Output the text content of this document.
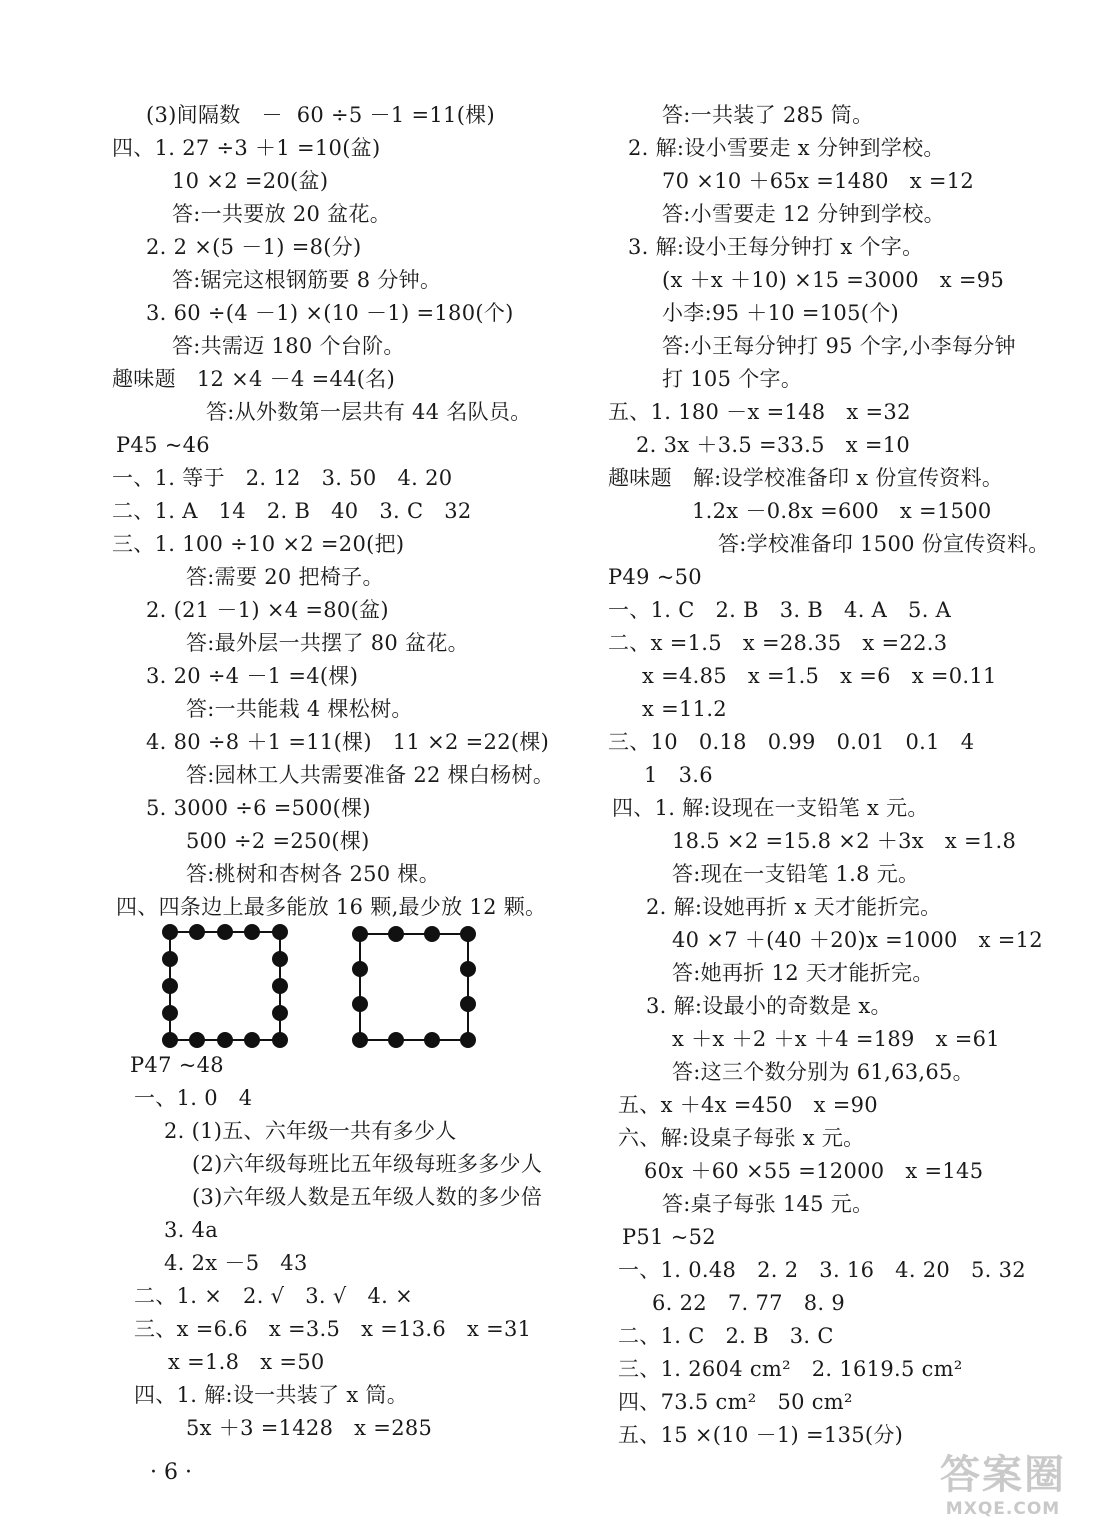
(3)间隔数   －  60 ÷5 －1 =11(棵)
四、1. 27 ÷3 ＋1 =10(盆)
10 ×2 =20(盆)
答:一共要放 20 盆花。
2. 2 ×(5 －1) =8(分)
答:锯完这根钢筋要 8 分钟。
3. 60 ÷(4 －1) ×(10 －1) =180(个)
答:共需迈 180 个台阶。
趣味题   12 ×4 －4 =44(名)
答:从外数第一层共有 44 名队员。
P45 ~46
一、1. 等于   2. 12   3. 50   4. 20
二、1. A   14   2. B   40   3. C   32
三、1. 100 ÷10 ×2 =20(把)
答:需要 20 把椅子。
2. (21 －1) ×4 =80(盆)
答:最外层一共摆了 80 盆花。
3. 20 ÷4 －1 =4(棵)
答:一共能栽 4 棵松树。
4. 80 ÷8 ＋1 =11(棵)   11 ×2 =22(棵)
答:园林工人共需要准备 22 棵白杨树。
5. 3000 ÷6 =500(棵)
500 ÷2 =250(棵)
答:桃树和杏树各 250 棵。
四、四条边上最多能放 16 颗,最少放 12 颗。
P47 ~48
一、1. 0   4
2. (1)五、六年级一共有多少人
(2)六年级每班比五年级每班多多少人
(3)六年级人数是五年级人数的多少倍
3. 4a
4. 2x －5   43
二、1. ×   2. √   3. √   4. ×
三、x =6.6   x =3.5   x =13.6   x =31
x =1.8   x =50
四、1. 解:设一共装了 x 筒。
5x ＋3 =1428   x =285
答:一共装了 285 筒。
2. 解:设小雪要走 x 分钟到学校。
70 ×10 ＋65x =1480   x =12
答:小雪要走 12 分钟到学校。
3. 解:设小王每分钟打 x 个字。
(x ＋x ＋10) ×15 =3000   x =95
小李:95 ＋10 =105(个)
答:小王每分钟打 95 个字,小李每分钟
打 105 个字。
五、1. 180 －x =148   x =32
2. 3x ＋3.5 =33.5   x =10
趣味题   解:设学校准备印 x 份宣传资料。
1.2x －0.8x =600   x =1500
答:学校准备印 1500 份宣传资料。
P49 ~50
一、1. C   2. B   3. B   4. A   5. A
二、x =1.5   x =28.35   x =22.3
x =4.85   x =1.5   x =6   x =0.11
x =11.2
三、10   0.18   0.99   0.01   0.1   4
1   3.6
四、1. 解:设现在一支铅笔 x 元。
18.5 ×2 =15.8 ×2 ＋3x   x =1.8
答:现在一支铅笔 1.8 元。
2. 解:设她再折 x 天才能折完。
40 ×7 ＋(40 ＋20)x =1000   x =12
答:她再折 12 天才能折完。
3. 解:设最小的奇数是 x。
x ＋x ＋2 ＋x ＋4 =189   x =61
答:这三个数分别为 61,63,65。
五、x ＋4x =450   x =90
六、解:设桌子每张 x 元。
60x ＋60 ×55 =12000   x =145
答:桌子每张 145 元。
P51 ~52
一、1. 0.48   2. 2   3. 16   4. 20   5. 32
6. 22   7. 77   8. 9
二、1. C   2. B   3. C
三、1. 2604 cm²   2. 1619.5 cm²
四、73.5 cm²   50 cm²
五、15 ×(10 －1) =135(分)
· 6 ·	答案圈
MXQE.COM
